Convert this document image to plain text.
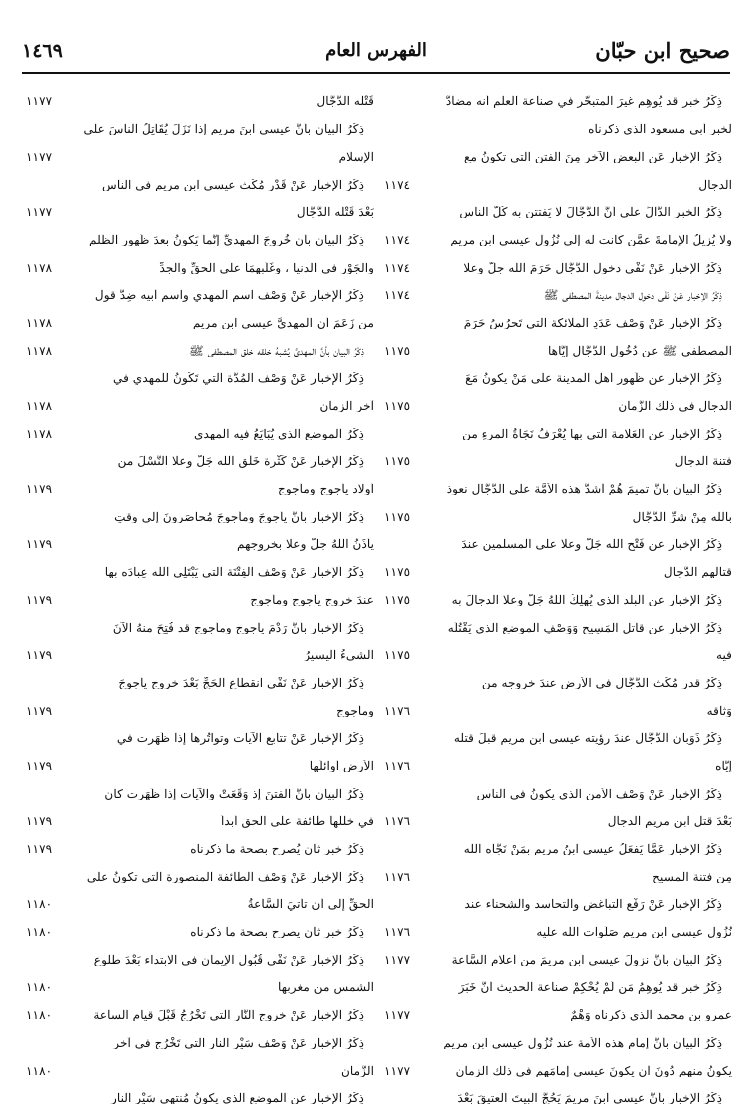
صحيح ابن حبّان
الفهرس العام
١٤٦٩
ذِكْرُ خبر قد يُوهِم غيرَ المتبحّر في صناعة العلم أنه مضادٌّ
لخبر أبي مسعود الذي ذكرناه
ذِكْرُ الإخبار عَنِ البعض الآخر مِنَ الفتن التي تكونُ مع
الدجال
١١٧٤
ذِكْرُ الخبر الدَّالِّ على أنَّ الدَّجَّالَ لا يَفتتن به كُلُّ الناس
ولا يُزِيلُ الإمامةَ عمَّن كانت له إلى نُزُول عيسى ابن مريم
١١٧٤
ذِكْرُ الإخبار عَنْ نَفْي دخول الدَّجَّال حَرَمَ الله جلَّ وعلا
١١٧٤
ذِكْرُ الإخبار عَنْ نَفْي دخول الدجال مدينةَ المصطفى ﷺ
١١٧٤
ذِكْرُ الإخبار عَنْ وَصْف عَدَدِ الملائكة التي تَحرُسُ حَرَمَ
المصطفى ﷺ عن دُخُول الدَّجَّال إيَّاها
١١٧٥
ذِكْرُ الإخبار عن ظُهور أهلِ المدينة على مَنْ يكونُ مَعَ
الدجال في ذلك الزَّمان
١١٧٥
ذِكْرُ الإخبار عن العَلامة التي بها يُعْرَفُ نَجَاةُ المرءِ من
فتنة الدجال
١١٧٥
ذِكْرُ البيان بأنَّ تميمَ هُمْ أشدُّ هذه الأمَّة على الدَّجَّال نعوذ
بالله مِنْ شرِّ الدَّجَّال
١١٧٥
ذِكْرُ الإخبار عن فَتْح الله جَلَّ وعلا على المسلمين عندَ
قتالهم الدَّجال
١١٧٥
ذِكْرُ الإخبار عن البلد الذي يُهلِكُ اللهُ جَلَّ وعلا الدجالَ به
١١٧٥
ذِكْرُ الإخبار عن قاتل المَسِيح وَوَصْفِ الموضع الذي يَقْتُلُه
فيه
١١٧٥
ذِكْرُ قدر مُكْث الدَّجَّال في الأرض عندَ خروجه من
وَثاقه
١١٧٦
ذِكْرُ ذَوَبان الدَّجَّال عندَ رؤيته عيسى ابن مريم قبلَ قتله
إيَّاه
١١٧٦
ذِكْرُ الإخبار عَنْ وَصْف الأمن الذي يكونُ في الناس
بَعْدَ قتل ابن مريم الدجال
١١٧٦
ذِكْرُ الإخبار عَمَّا يَفعَلُ عيسى ابنُ مريم بِمَنْ نَجَّاه الله
مِن فتنة المسيح
١١٧٦
ذِكْرُ الإخبار عَنْ رَفْع التباغض والتحاسد والشحناء عند
نُزُول عيسى ابن مريم صَلَوات الله عليه
١١٧٦
ذِكْرُ البيان بأنَّ نزولَ عيسى ابن مريمَ من أعلام السَّاعة
١١٧٧
ذِكْرُ خبرٍ قد يُوهِمُ مَن لَمْ يُحْكِمْ صناعة الحديث أنَّ خَبَرَ
عمرو بن محمد الذي ذكرناه وَهْمٌ
١١٧٧
ذِكْرُ البيان بأنَّ إمام هذه الأمة عند نُزُول عيسى ابن مريم
يكونُ منهم دُونَ أن يكونَ عيسى إمامَهم في ذلك الزمان
١١٧٧
ذِكْرُ الإخبار بأنَّ عيسى ابنَ مريمَ يَحُجُّ البيتَ العتيقَ بَعْدَ
قَتْله الدَّجَّال
١١٧٧
ذِكْرُ البيان بأنَّ عيسى ابنَ مريم إذا نَزَلَ يُقَاتِلُ الناسَ على
الإسلام
١١٧٧
ذِكْرُ الإخبار عَنْ قَدْرِ مُكْث عيسى ابن مريم في الناس
بَعْدَ قَتْله الدَّجَّال
١١٧٧
ذِكْرُ البيان بأن خُروجَ المهديِّ إنَّما يَكونُ بعدَ ظُهور الظلم
والجَوْر في الدنيا ، وغَلَبِهِمَا على الحقِّ والجِدِّ
١١٧٨
ذِكْرُ الإخبار عَنْ وَصْف اسم المهدي واسم أبيه ضِدَّ قول
من زَعَمَ أن المهديَّ عيسى ابن مريم
١١٧٨
ذِكْرُ البيان بأنَّ المهديَّ يُشبِهُ خلقه خلق المصطفى ﷺ
١١٧٨
ذِكْرُ الإخبار عَنْ وَصْف المُدَّة التي تَكُونُ للمهدي في
آخر الزمان
١١٧٨
ذِكْرُ الموضع الذي يُبَايَعُ فيه المهدي
١١٧٨
ذِكْرُ الإخبار عَنْ كَثْرة خَلْق الله جَلَّ وعلا النَّسْلَ من
أولاد يأجوج ومأجوج
١١٧٩
ذِكْرُ الإخبار بأنَّ يأجوجَ ومأجوجَ مُحاصَرونَ إلى وقتٍ
يأذَنُ اللهُ جلَّ وعلا بخروجهم
١١٧٩
ذِكْرُ الإخبار عَنْ وَصْف الفِتْنَة التي يَبْتَلِي الله عِبادَه بها
عندَ خروج يأجوج ومأجوج
١١٧٩
ذِكْرُ الإخبار بأنَّ رَدْمَ يأجوج ومأجوج قد فُتِحَ منهُ الآنَ
الشيءُ اليسيرُ
١١٧٩
ذِكْرُ الإخبار عَنْ نَفْي انقطاع الحَجِّ بَعْدَ خروج يأجوجَ
ومأجوج
١١٧٩
ذِكْرُ الإخبار عَنْ تتابع الآيات وتواتُرِها إذا ظَهَرت في
الأرض أوائلُها
١١٧٩
ذِكْرُ البيان بأنَّ الفتنَ إذ وَقَعَتْ والآيات إذا ظَهَرت كان
في خللها طائفة على الحق أبداً
١١٧٩
ذِكْرُ خبرٍ ثانٍ يُصرح بصحة ما ذكرناه
١١٧٩
ذِكْرُ الإخبار عَنْ وَصْف الطائفة المنصورة التي تكونُ على
الحقِّ إلى أن تأتيَ السَّاعةُ
١١٨٠
ذِكْرُ خبر ثانٍ يصرح بصحة ما ذكرناه
١١٨٠
ذِكْرُ الإخبار عَنْ نَفْي قُبُول الإيمان في الابتداء بَعْدَ طلوع
الشمس من مغربها
١١٨٠
ذِكْرُ الإخبار عَنْ خروج النَّارِ التي تَخْرُجُ قَبْلَ قيام الساعة
١١٨٠
ذِكْرُ الإخبار عَنْ وَصْف سَيْر النار التي تَخْرُج في آخر
الزَّمان
١١٨٠
ذِكْرُ الإخبار عن الموضع الذي يكونُ مُنتهى سَيْر النار
